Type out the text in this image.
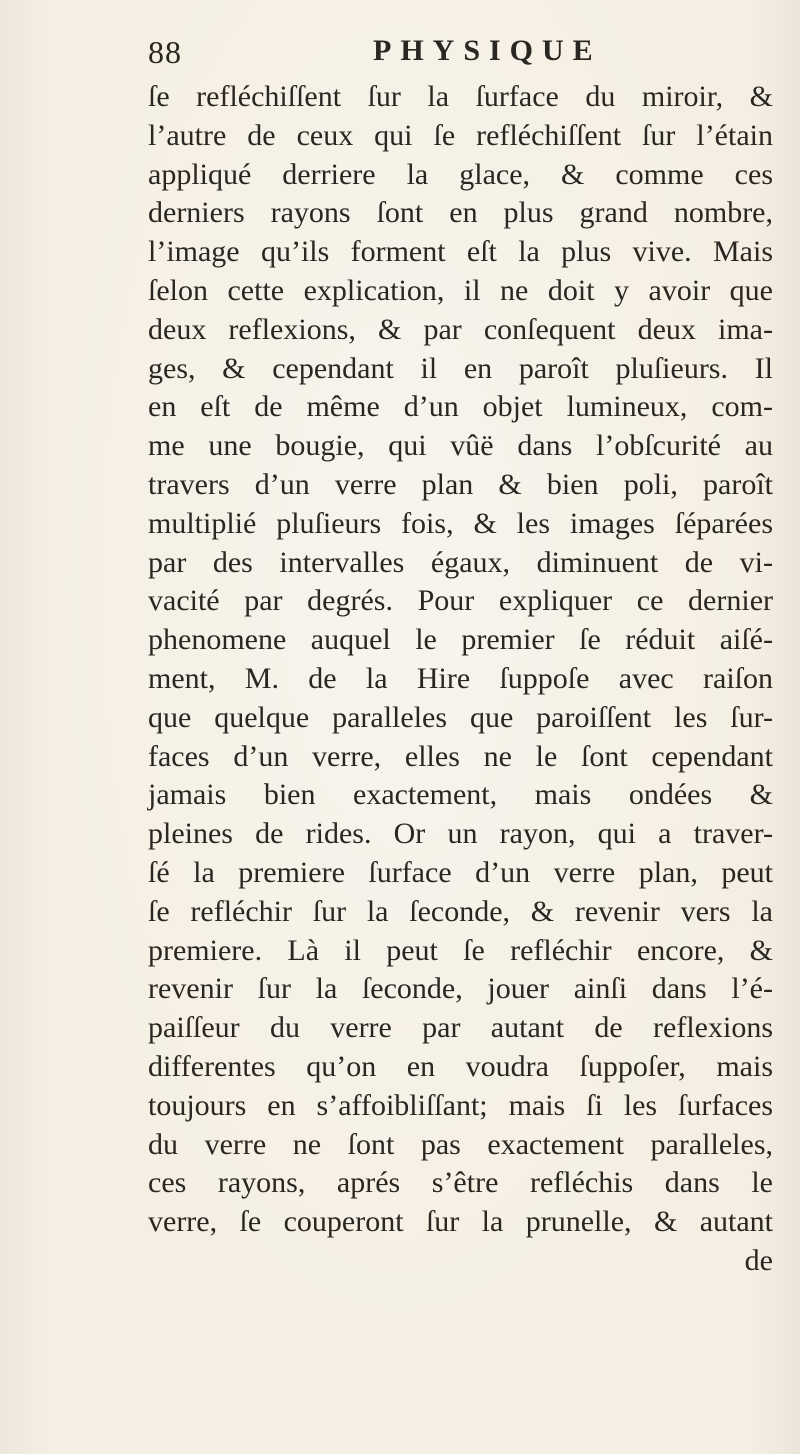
88	PHYSIQUE
ſe refléchiſſent ſur la ſurface du miroir, &
l’autre de ceux qui ſe refléchiſſent ſur l’étain
appliqué derriere la glace, & comme ces
derniers rayons ſont en plus grand nombre,
l’image qu’ils forment eſt la plus vive. Mais
ſelon cette explication, il ne doit y avoir que
deux reflexions, & par conſequent deux ima-
ges, & cependant il en paroît pluſieurs. Il
en eſt de même d’un objet lumineux, com-
me une bougie, qui vûë dans l’obſcurité au
travers d’un verre plan & bien poli, paroît
multiplié pluſieurs fois, & les images ſéparées
par des intervalles égaux, diminuent de vi-
vacité par degrés. Pour expliquer ce dernier
phenomene auquel le premier ſe réduit aiſé-
ment, M. de la Hire ſuppoſe avec raiſon
que quelque paralleles que paroiſſent les ſur-
faces d’un verre, elles ne le ſont cependant
jamais bien exactement, mais ondées &
pleines de rides. Or un rayon, qui a traver-
ſé la premiere ſurface d’un verre plan, peut
ſe refléchir ſur la ſeconde, & revenir vers la
premiere. Là il peut ſe refléchir encore, &
revenir ſur la ſeconde, jouer ainſi dans l’é-
paiſſeur du verre par autant de reflexions
differentes qu’on en voudra ſuppoſer, mais
toujours en s’affoibliſſant; mais ſi les ſurfaces
du verre ne ſont pas exactement paralleles,
ces rayons, aprés s’être refléchis dans le
verre, ſe couperont ſur la prunelle, & autant
de
